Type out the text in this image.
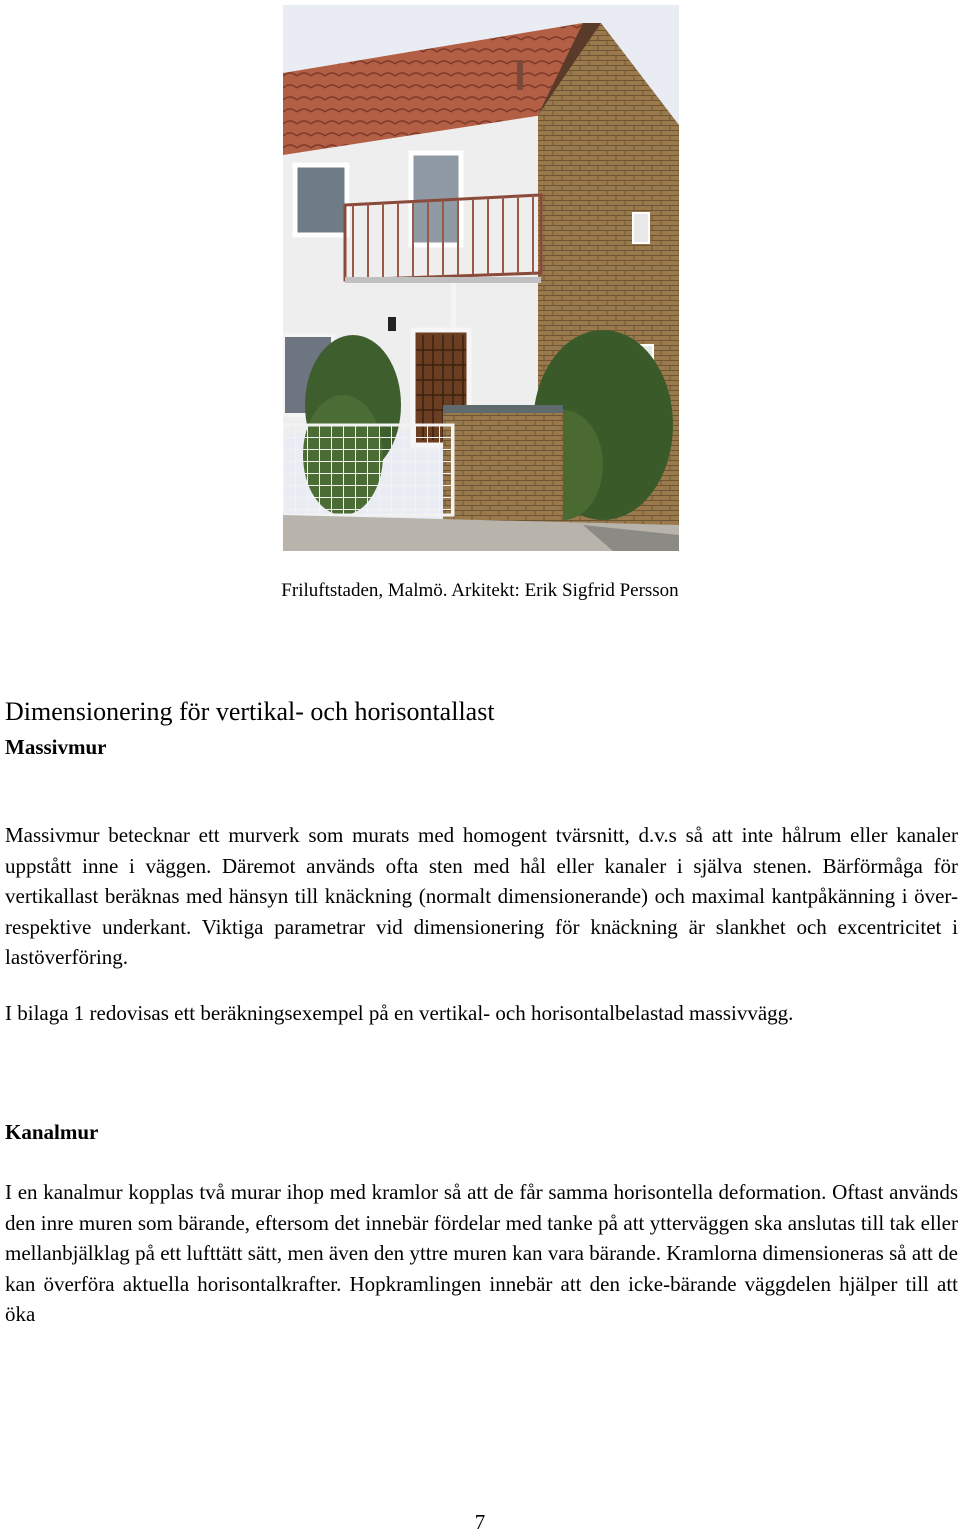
Friluftstaden, Malmö. Arkitekt: Erik Sigfrid Persson
Dimensionering för vertikal- och horisontallast
Massivmur

Massivmur betecknar ett murverk som murats med homogent tvärsnitt, d.v.s så att inte hålrum eller kanaler uppstått inne i väggen. Däremot används ofta sten med hål eller kanaler i själva stenen. Bärförmåga för vertikallast beräknas med hänsyn till knäckning (normalt dimensionerande) och maximal kantpåkänning i över- respektive underkant. Viktiga parametrar vid dimensionering för knäckning är slankhet och excentricitet i lastöverföring.

I bilaga 1 redovisas ett beräkningsexempel på en vertikal- och horisontalbelastad massivvägg.

Kanalmur

I en kanalmur kopplas två murar ihop med kramlor så att de får samma horisontella deformation. Oftast används den inre muren som bärande, eftersom det innebär fördelar med tanke på att ytterväggen ska anslutas till tak eller mellanbjälklag på ett lufttätt sätt, men även den yttre muren kan vara bärande. Kramlorna dimensioneras så att de kan överföra aktuella horisontalkrafter. Hopkramlingen innebär att den icke-bärande väggdelen hjälper till att öka

7
